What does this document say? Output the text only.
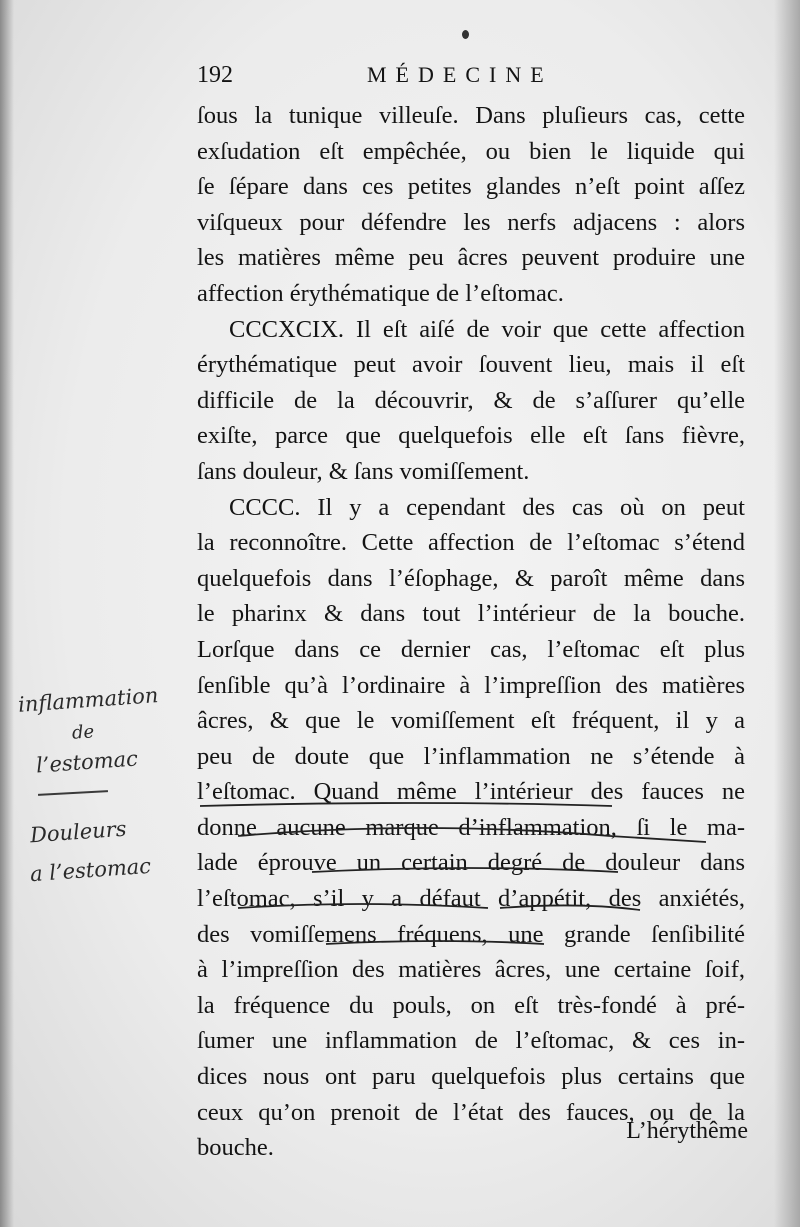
192	MÉDECINE
ſous la tunique villeuſe. Dans pluſieurs cas, cette
exſudation eſt empêchée, ou bien le liquide qui
ſe ſépare dans ces petites glandes n’eſt point aſſez
viſqueux pour défendre les nerfs adjacens : alors
les matières même peu âcres peuvent produire une
affection érythématique de l’eſtomac.
CCCXCIX. Il eſt aiſé de voir que cette affection
érythématique peut avoir ſouvent lieu, mais il eſt
difficile de la découvrir, & de s’aſſurer qu’elle
exiſte, parce que quelquefois elle eſt ſans fièvre,
ſans douleur, & ſans vomiſſement.
CCCC. Il y a cependant des cas où on peut
la reconnoître. Cette affection de l’eſtomac s’étend
quelquefois dans l’éſophage, & paroît même dans
le pharinx & dans tout l’intérieur de la bouche.
Lorſque dans ce dernier cas, l’eſtomac eſt plus
ſenſible qu’à l’ordinaire à l’impreſſion des matières
âcres, & que le vomiſſement eſt fréquent, il y a
peu de doute que l’inflammation ne s’étende à
l’eſtomac. Quand même l’intérieur des fauces ne
donne aucune marque d’inflammation, ſi le ma-
lade éprouve un certain degré de douleur dans
l’eſtomac, s’il y a défaut d’appétit, des anxiétés,
des vomiſſemens fréquens, une grande ſenſibilité
à l’impreſſion des matières âcres, une certaine ſoif,
la fréquence du pouls, on eſt très-fondé à pré-
ſumer une inflammation de l’eſtomac, & ces in-
dices nous ont paru quelquefois plus certains que
ceux qu’on prenoit de l’état des fauces, ou de la
bouche.
inflammation
de
l’estomac
Douleurs
a l’estomac
L’hérythême
